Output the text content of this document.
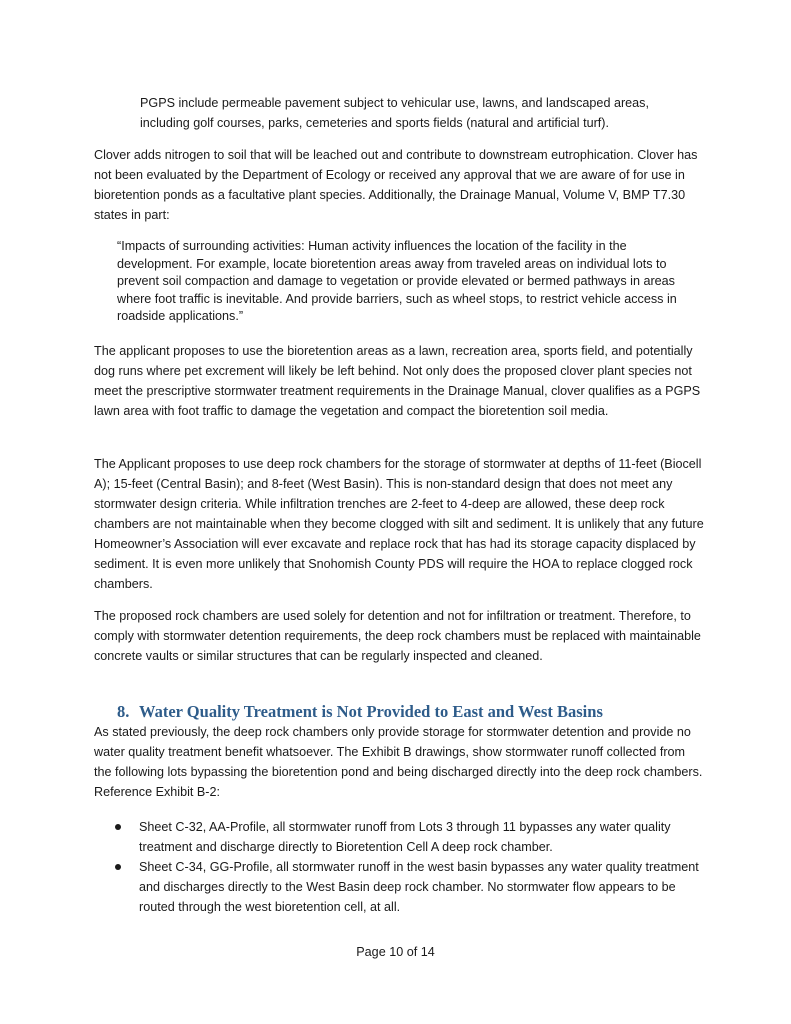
PGPS include permeable pavement subject to vehicular use, lawns, and landscaped areas, including golf courses, parks, cemeteries and sports fields (natural and artificial turf).

Clover adds nitrogen to soil that will be leached out and contribute to downstream eutrophication. Clover has not been evaluated by the Department of Ecology or received any approval that we are aware of for use in bioretention ponds as a facultative plant species. Additionally, the Drainage Manual, Volume V, BMP T7.30 states in part:

“Impacts of surrounding activities: Human activity influences the location of the facility in the development. For example, locate bioretention areas away from traveled areas on individual lots to prevent soil compaction and damage to vegetation or provide elevated or bermed pathways in areas where foot traffic is inevitable. And provide barriers, such as wheel stops, to restrict vehicle access in roadside applications.”

The applicant proposes to use the bioretention areas as a lawn, recreation area, sports field, and potentially dog runs where pet excrement will likely be left behind. Not only does the proposed clover plant species not meet the prescriptive stormwater treatment requirements in the Drainage Manual, clover qualifies as a PGPS lawn area with foot traffic to damage the vegetation and compact the bioretention soil media.

The Applicant proposes to use deep rock chambers for the storage of stormwater at depths of 11-feet (Biocell A); 15-feet (Central Basin); and 8-feet (West Basin). This is non-standard design that does not meet any stormwater design criteria. While infiltration trenches are 2-feet to 4-deep are allowed, these deep rock chambers are not maintainable when they become clogged with silt and sediment. It is unlikely that any future Homeowner’s Association will ever excavate and replace rock that has had its storage capacity displaced by sediment. It is even more unlikely that Snohomish County PDS will require the HOA to replace clogged rock chambers.

The proposed rock chambers are used solely for detention and not for infiltration or treatment. Therefore, to comply with stormwater detention requirements, the deep rock chambers must be replaced with maintainable concrete vaults or similar structures that can be regularly inspected and cleaned.

8. Water Quality Treatment is Not Provided to East and West Basins

As stated previously, the deep rock chambers only provide storage for stormwater detention and provide no water quality treatment benefit whatsoever. The Exhibit B drawings, show stormwater runoff collected from the following lots bypassing the bioretention pond and being discharged directly into the deep rock chambers. Reference Exhibit B-2:

Sheet C-32, AA-Profile, all stormwater runoff from Lots 3 through 11 bypasses any water quality treatment and discharge directly to Bioretention Cell A deep rock chamber.
Sheet C-34, GG-Profile, all stormwater runoff in the west basin bypasses any water quality treatment and discharges directly to the West Basin deep rock chamber. No stormwater flow appears to be routed through the west bioretention cell, at all.
Page 10 of 14
